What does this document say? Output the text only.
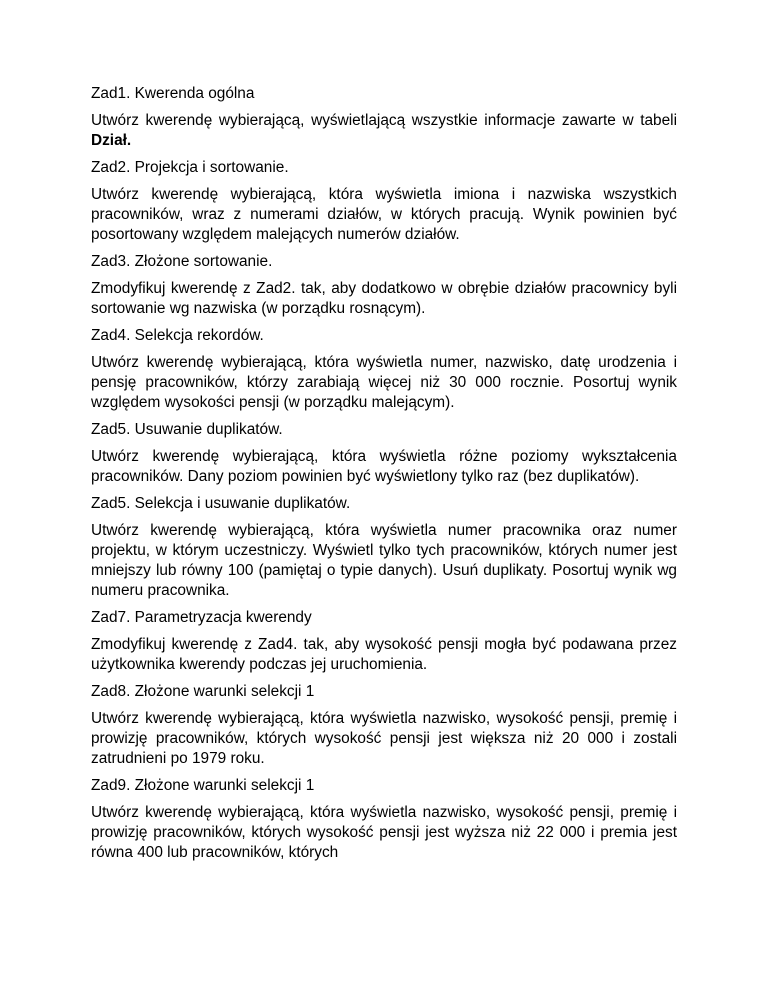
Zad1. Kwerenda ogólna

Utwórz kwerendę wybierającą, wyświetlającą wszystkie informacje zawarte w tabeli Dział.

Zad2. Projekcja i sortowanie.

Utwórz kwerendę wybierającą, która wyświetla imiona i nazwiska wszystkich pracowników, wraz z numerami działów, w których pracują. Wynik powinien być posortowany względem malejących numerów działów.

Zad3. Złożone sortowanie.

Zmodyfikuj kwerendę z Zad2. tak, aby dodatkowo w obrębie działów pracownicy byli sortowanie wg nazwiska (w porządku rosnącym).

Zad4. Selekcja rekordów.

Utwórz kwerendę wybierającą, która wyświetla numer, nazwisko, datę urodzenia i pensję pracowników, którzy zarabiają więcej niż 30 000 rocznie. Posortuj wynik względem wysokości pensji (w porządku malejącym).

Zad5. Usuwanie duplikatów.

Utwórz kwerendę wybierającą, która wyświetla różne poziomy wykształcenia pracowników. Dany poziom powinien być wyświetlony tylko raz (bez duplikatów).

Zad5. Selekcja i usuwanie duplikatów.

Utwórz kwerendę wybierającą, która wyświetla numer pracownika oraz numer projektu, w którym uczestniczy. Wyświetl tylko tych pracowników, których numer jest mniejszy lub równy 100 (pamiętaj o typie danych). Usuń duplikaty. Posortuj wynik wg numeru pracownika.

Zad7. Parametryzacja kwerendy

Zmodyfikuj kwerendę z Zad4. tak, aby wysokość pensji mogła być podawana przez użytkownika kwerendy podczas jej uruchomienia.

Zad8. Złożone warunki selekcji 1

Utwórz kwerendę wybierającą, która wyświetla nazwisko, wysokość pensji, premię i prowizję pracowników, których wysokość pensji jest większa niż 20 000 i zostali zatrudnieni po 1979 roku.

Zad9. Złożone warunki selekcji 1

Utwórz kwerendę wybierającą, która wyświetla nazwisko, wysokość pensji, premię i prowizję pracowników, których wysokość pensji jest wyższa niż 22 000 i premia jest równa 400 lub pracowników, których
